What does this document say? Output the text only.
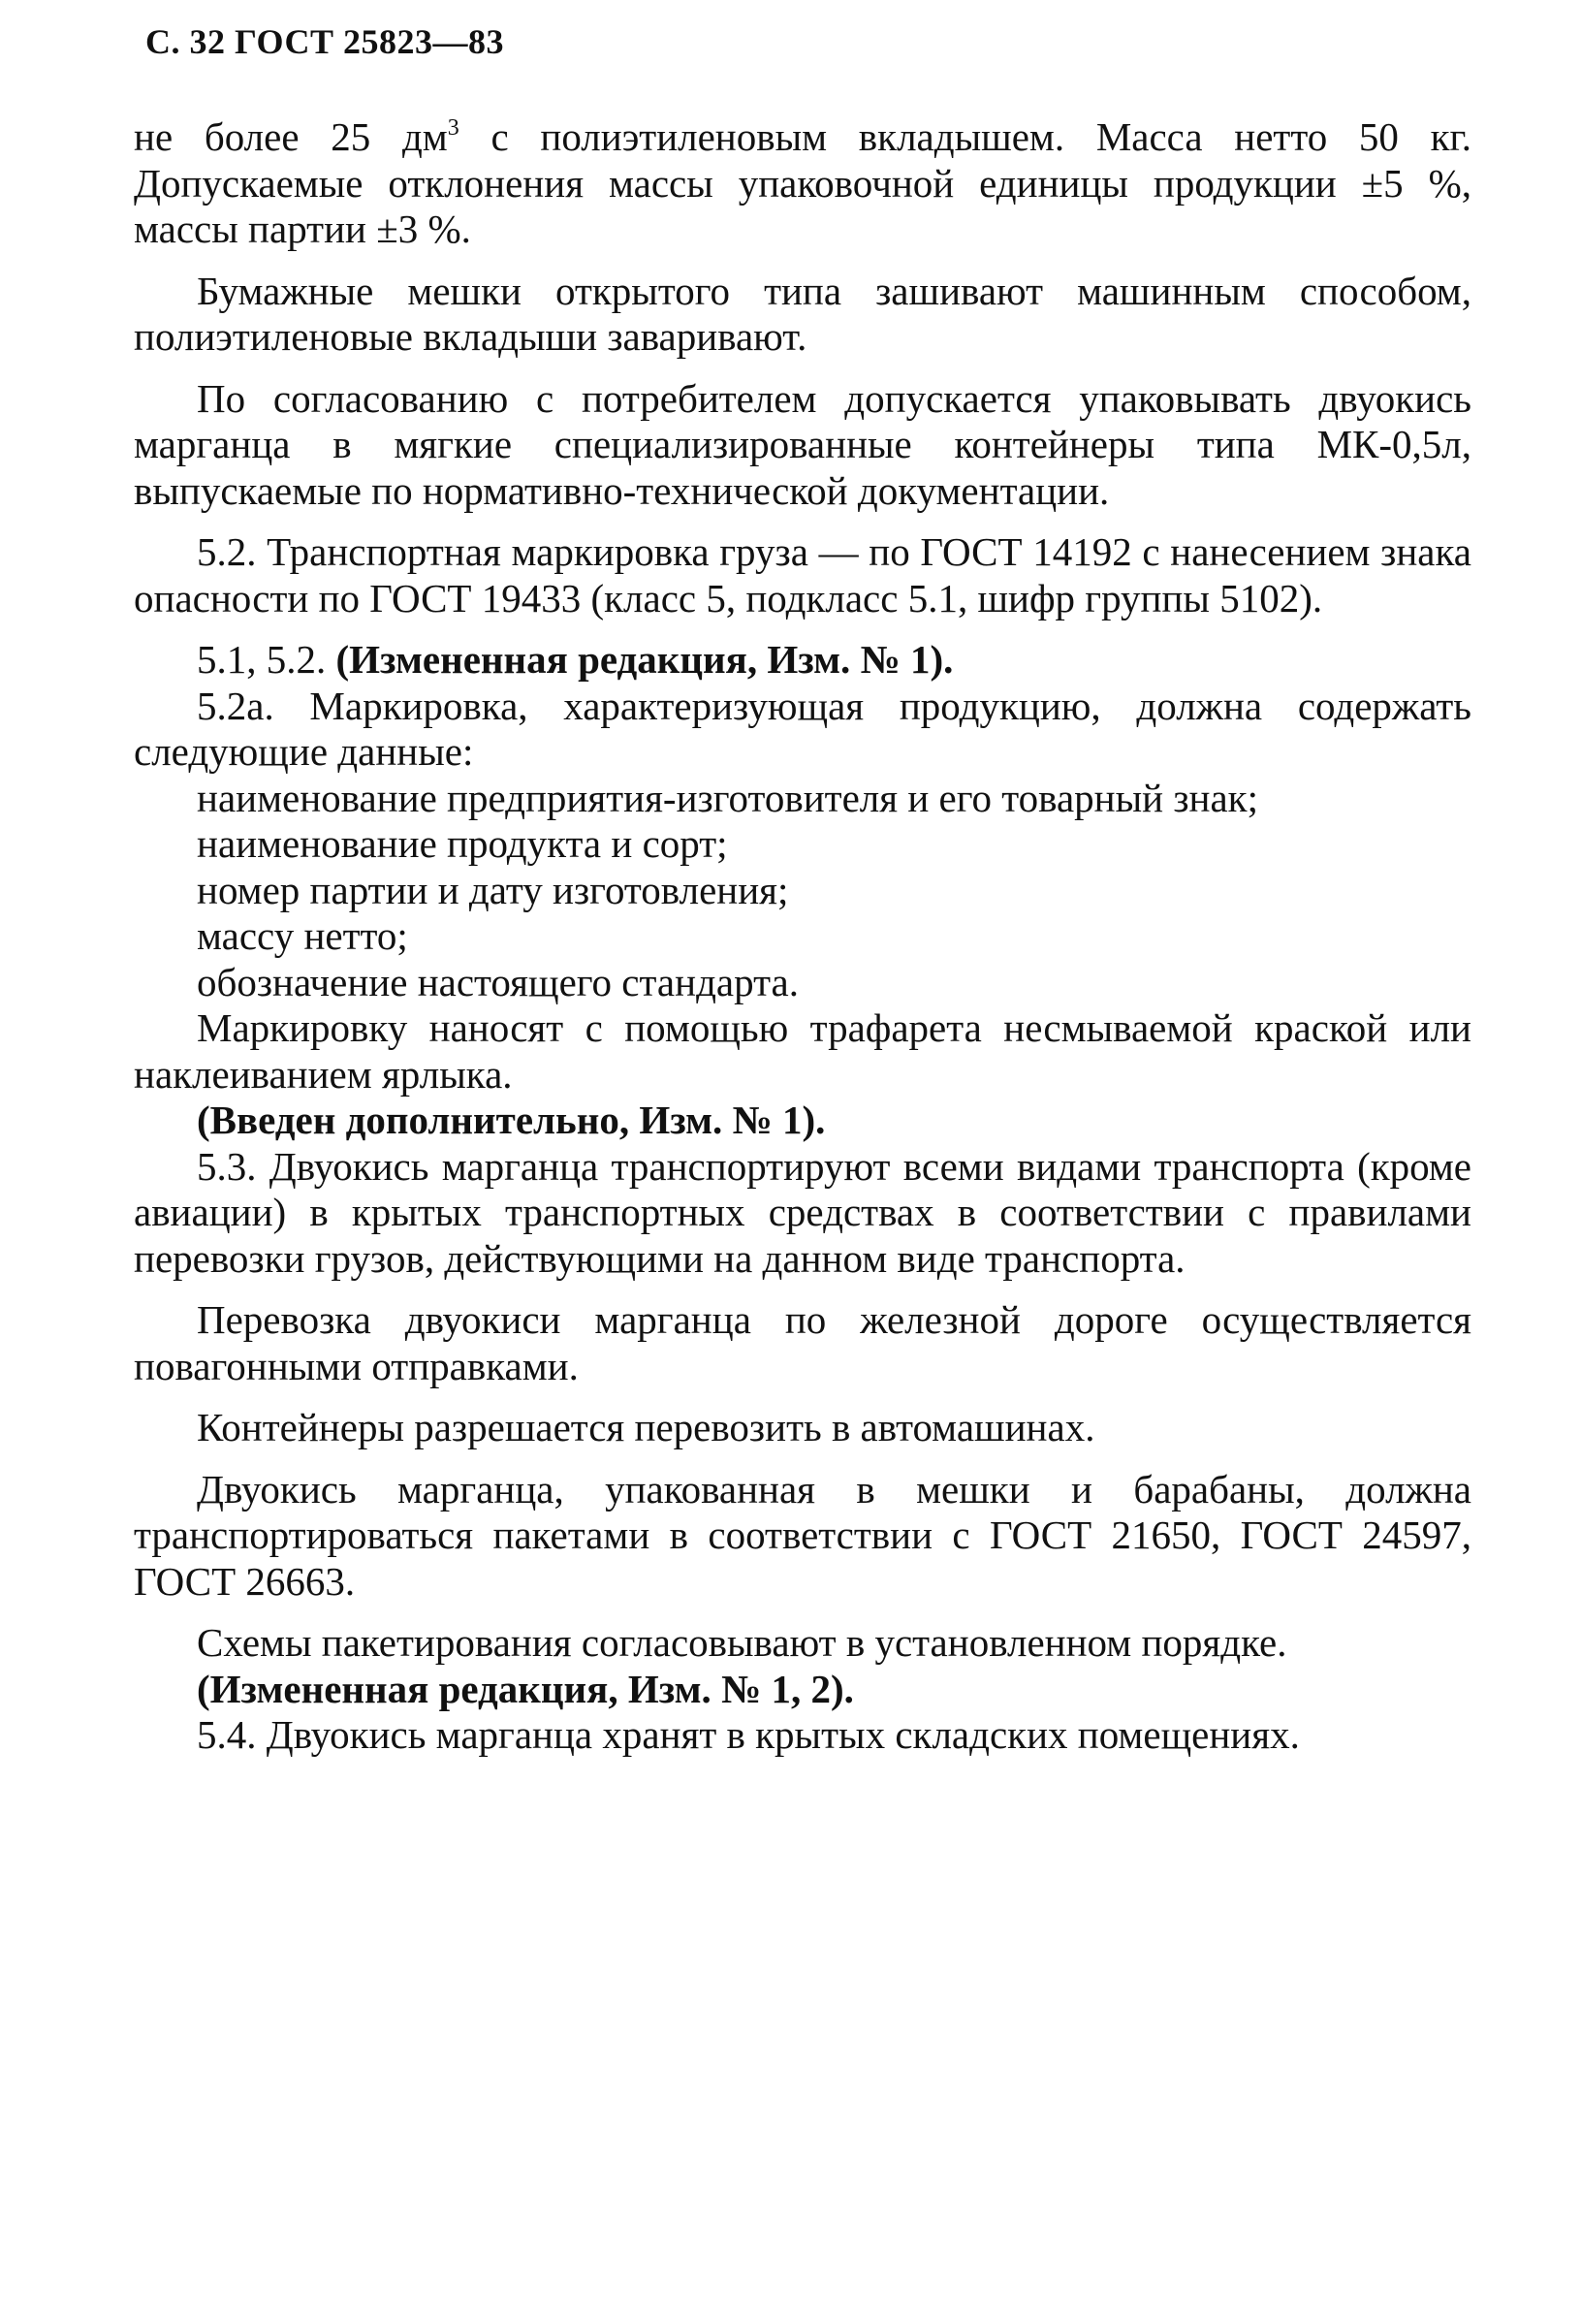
С. 32 ГОСТ 25823—83

не более 25 $дм^3$ с полиэтиленовым вкладышем. Масса нетто 50 кг. Допускаемые отклонения массы упаковочной единицы продукции ±5 %, массы партии ±3 %.

Бумажные мешки открытого типа зашивают машинным способом, полиэтиленовые вкладыши заваривают.

По согласованию с потребителем допускается упаковывать двуокись марганца в мягкие специализированные контейнеры типа МК-0,5л, выпускаемые по нормативно-технической документации.

5.2. Транспортная маркировка груза — по ГОСТ 14192 с нанесением знака опасности по ГОСТ 19433 (класс 5, подкласс 5.1, шифр группы 5102).

5.1, 5.2. (Измененная редакция, Изм. № 1).

5.2а. Маркировка, характеризующая продукцию, должна содержать следующие данные:

наименование предприятия-изготовителя и его товарный знак;

наименование продукта и сорт;

номер партии и дату изготовления;

массу нетто;

обозначение настоящего стандарта.

Маркировку наносят с помощью трафарета несмываемой краской или наклеиванием ярлыка.

(Введен дополнительно, Изм. № 1).

5.3. Двуокись марганца транспортируют всеми видами транспорта (кроме авиации) в крытых транспортных средствах в соответствии с правилами перевозки грузов, действующими на данном виде транспорта.

Перевозка двуокиси марганца по железной дороге осуществляется повагонными отправками.

Контейнеры разрешается перевозить в автомашинах.

Двуокись марганца, упакованная в мешки и барабаны, должна транспортироваться пакетами в соответствии с ГОСТ 21650, ГОСТ 24597, ГОСТ 26663.

Схемы пакетирования согласовывают в установленном порядке.

(Измененная редакция, Изм. № 1, 2).

5.4. Двуокись марганца хранят в крытых складских помещениях.
